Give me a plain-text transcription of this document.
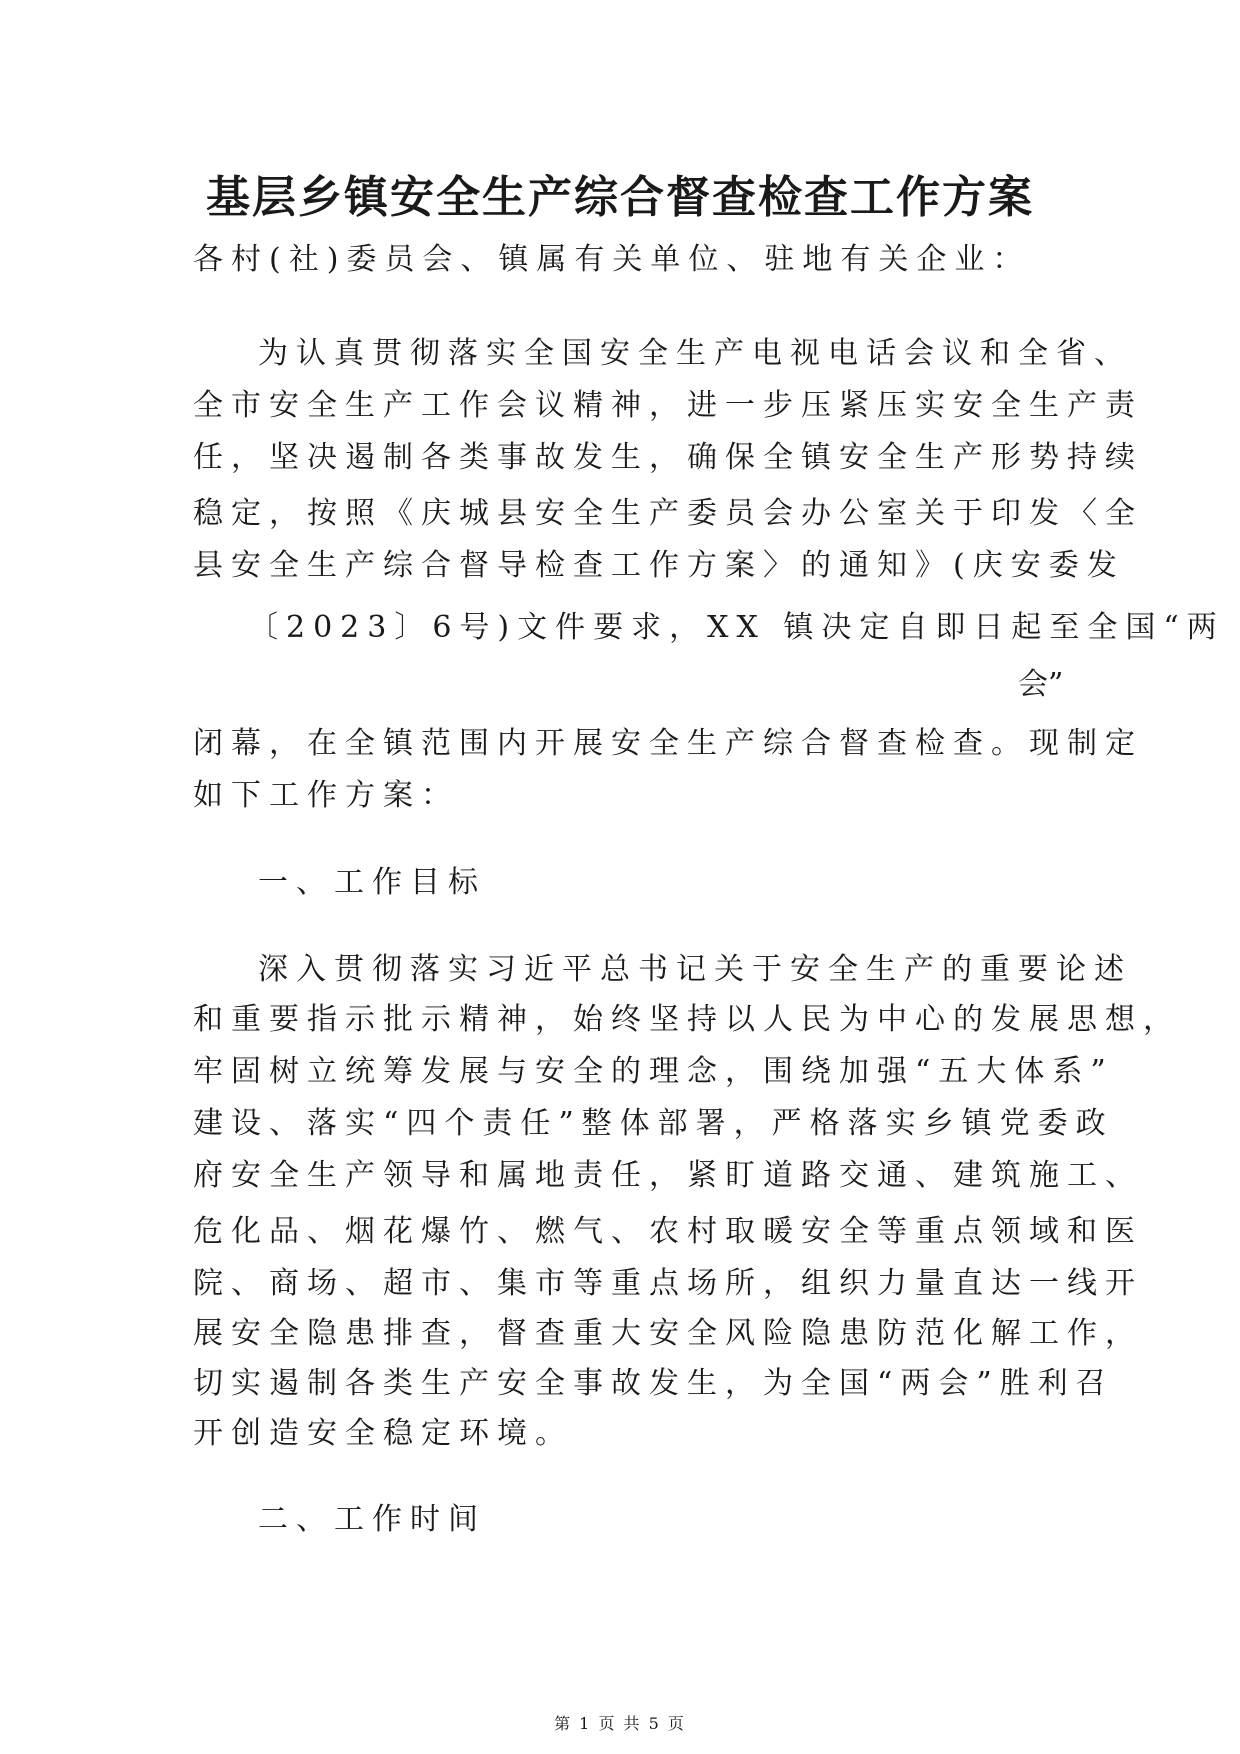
基层乡镇安全生产综合督查检查工作方案

各村(社)委员会、镇属有关单位、驻地有关企业：

为认真贯彻落实全国安全生产电视电话会议和全省、

全市安全生产工作会议精神，进一步压紧压实安全生产责

任，坚决遏制各类事故发生，确保全镇安全生产形势持续

稳定，按照《庆城县安全生产委员会办公室关于印发〈全

县安全生产综合督导检查工作方案〉的通知》(庆安委发

〔2023〕6号)文件要求，XX 镇决定自即日起至全国“两

会”

闭幕，在全镇范围内开展安全生产综合督查检查。现制定

如下工作方案：

一、工作目标

深入贯彻落实习近平总书记关于安全生产的重要论述

和重要指示批示精神，始终坚持以人民为中心的发展思想，

牢固树立统筹发展与安全的理念，围绕加强“五大体系”

建设、落实“四个责任”整体部署，严格落实乡镇党委政

府安全生产领导和属地责任，紧盯道路交通、建筑施工、

危化品、烟花爆竹、燃气、农村取暖安全等重点领域和医

院、商场、超市、集市等重点场所，组织力量直达一线开

展安全隐患排查，督查重大安全风险隐患防范化解工作，

切实遏制各类生产安全事故发生，为全国“两会”胜利召

开创造安全稳定环境。

二、工作时间

第 1 页 共 5 页
